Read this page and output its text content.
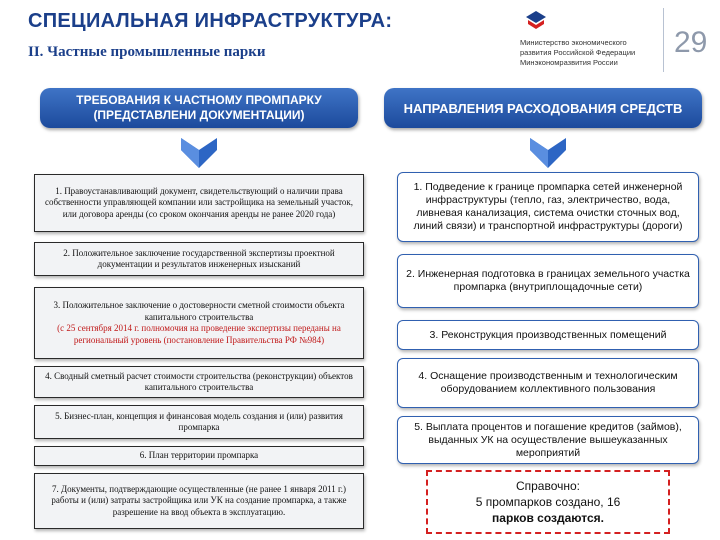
СПЕЦИАЛЬНАЯ ИНФРАСТРУКТУРА:
II. Частные промышленные парки
Министерство экономического
развития Российской Федерации
Минэкономразвития России
29
ТРЕБОВАНИЯ К ЧАСТНОМУ ПРОМПАРКУ
(ПРЕДСТАВЛЕНИ ДОКУМЕНТАЦИИ)	НАПРАВЛЕНИЯ РАСХОДОВАНИЯ СРЕДСТВ
1. Правоустанавливающий документ, свидетельствующий о наличии права собственности управляющей компании или застройщика на земельный участок, или договора аренды (со сроком окончания аренды не ранее 2020 года)
2. Положительное заключение государственной экспертизы проектной документации и результатов инженерных изысканий
3. Положительное заключение о достоверности сметной стоимости объекта капитального строительства
(с 25 сентября 2014 г. полномочия на проведение экспертизы переданы на региональный уровень (постановление Правительства РФ №984)
4. Сводный сметный расчет стоимости строительства (реконструкции) объектов капитального строительства
5. Бизнес-план, концепция и финансовая модель создания и (или) развития промпарка
6. План территории промпарка
7. Документы, подтверждающие осуществленные (не ранее 1 января 2011 г.) работы и (или) затраты застройщика или УК на создание промпарка, а также разрешение на ввод объекта в эксплуатацию.
1. Подведение к границе промпарка сетей инженерной инфраструктуры (тепло, газ, электричество, вода, ливневая канализация, система очистки сточных вод, линий связи) и транспортной инфраструктуры (дороги)
2. Инженерная подготовка в границах земельного участка промпарка (внутриплощадочные сети)
3. Реконструкция производственных помещений
4. Оснащение производственным и технологическим оборудованием коллективного пользования
5. Выплата процентов и погашение кредитов (займов), выданных УК на осуществление вышеуказанных мероприятий
Справочно:
5 промпарков создано, 16
парков создаются.
